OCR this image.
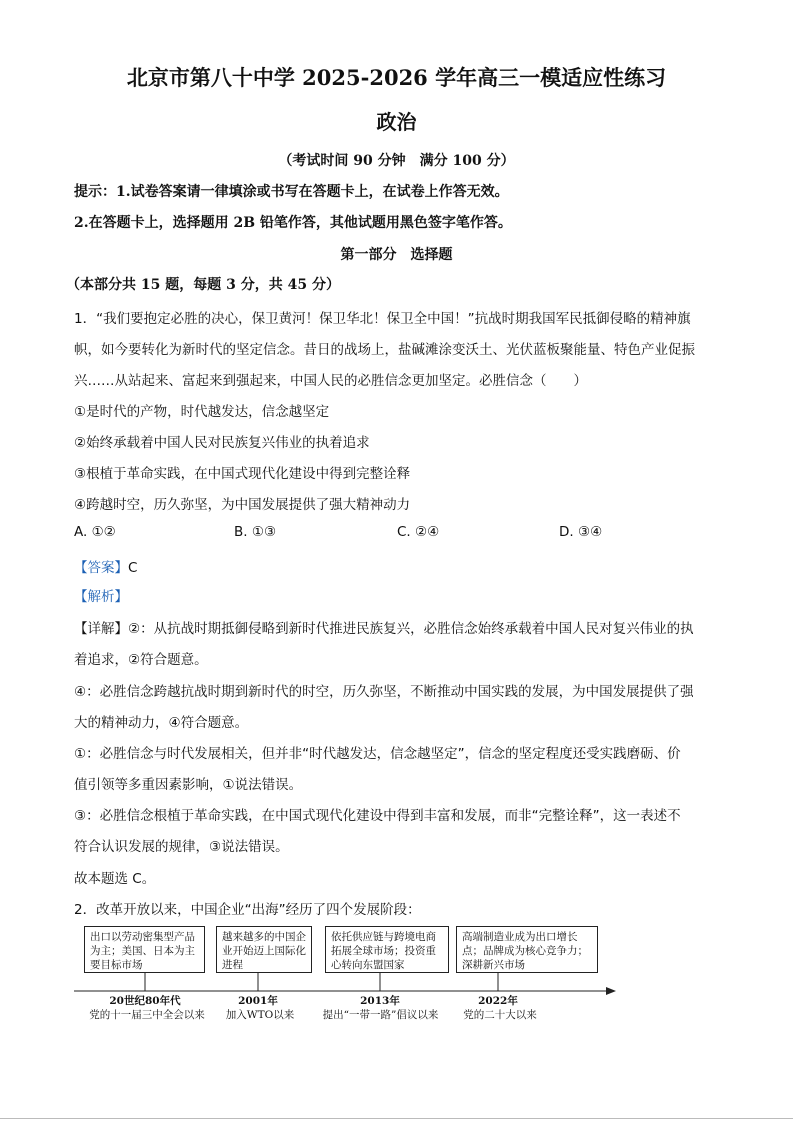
北京市第八十中学 2025-2026 学年高三一模适应性练习
政治
（考试时间 90 分钟　满分 100 分）
提示：1.试卷答案请一律填涂或书写在答题卡上，在试卷上作答无效。
2.在答题卡上，选择题用 2B 铅笔作答，其他试题用黑色签字笔作答。
第一部分　选择题
（本部分共 15 题，每题 3 分，共 45 分）
1．“我们要抱定必胜的决心，保卫黄河！保卫华北！保卫全中国！”抗战时期我国军民抵御侵略的精神旗
帜，如今要转化为新时代的坚定信念。昔日的战场上，盐碱滩涂变沃土、光伏蓝板聚能量、特色产业促振
兴……从站起来、富起来到强起来，中国人民的必胜信念更加坚定。必胜信念（　　）
①是时代的产物，时代越发达，信念越坚定
②始终承载着中国人民对民族复兴伟业的执着追求
③根植于革命实践，在中国式现代化建设中得到完整诠释
④跨越时空，历久弥坚，为中国发展提供了强大精神动力
A. ①②	B. ①③	C. ②④	D. ③④
【答案】C
【解析】
【详解】②：从抗战时期抵御侵略到新时代推进民族复兴，必胜信念始终承载着中国人民对复兴伟业的执
着追求，②符合题意。
④：必胜信念跨越抗战时期到新时代的时空，历久弥坚，不断推动中国实践的发展，为中国发展提供了强
大的精神动力，④符合题意。
①：必胜信念与时代发展相关，但并非“时代越发达，信念越坚定”，信念的坚定程度还受实践磨砺、价
值引领等多重因素影响，①说法错误。
③：必胜信念根植于革命实践，在中国式现代化建设中得到丰富和发展，而非“完整诠释”，这一表述不
符合认识发展的规律，③说法错误。
故本题选 C。
2．改革开放以来，中国企业“出海”经历了四个发展阶段：
出口以劳动密集型产品为主；美国、日本为主要目标市场
越来越多的中国企业开始迈上国际化进程
依托供应链与跨境电商拓展全球市场；投资重心转向东盟国家
高端制造业成为出口增长点；品牌成为核心竞争力；深耕新兴市场
20世纪80年代	2001年	2013年	2022年
党的十一届三中全会以来	加入WTO以来	提出“一带一路”倡议以来	党的二十大以来
